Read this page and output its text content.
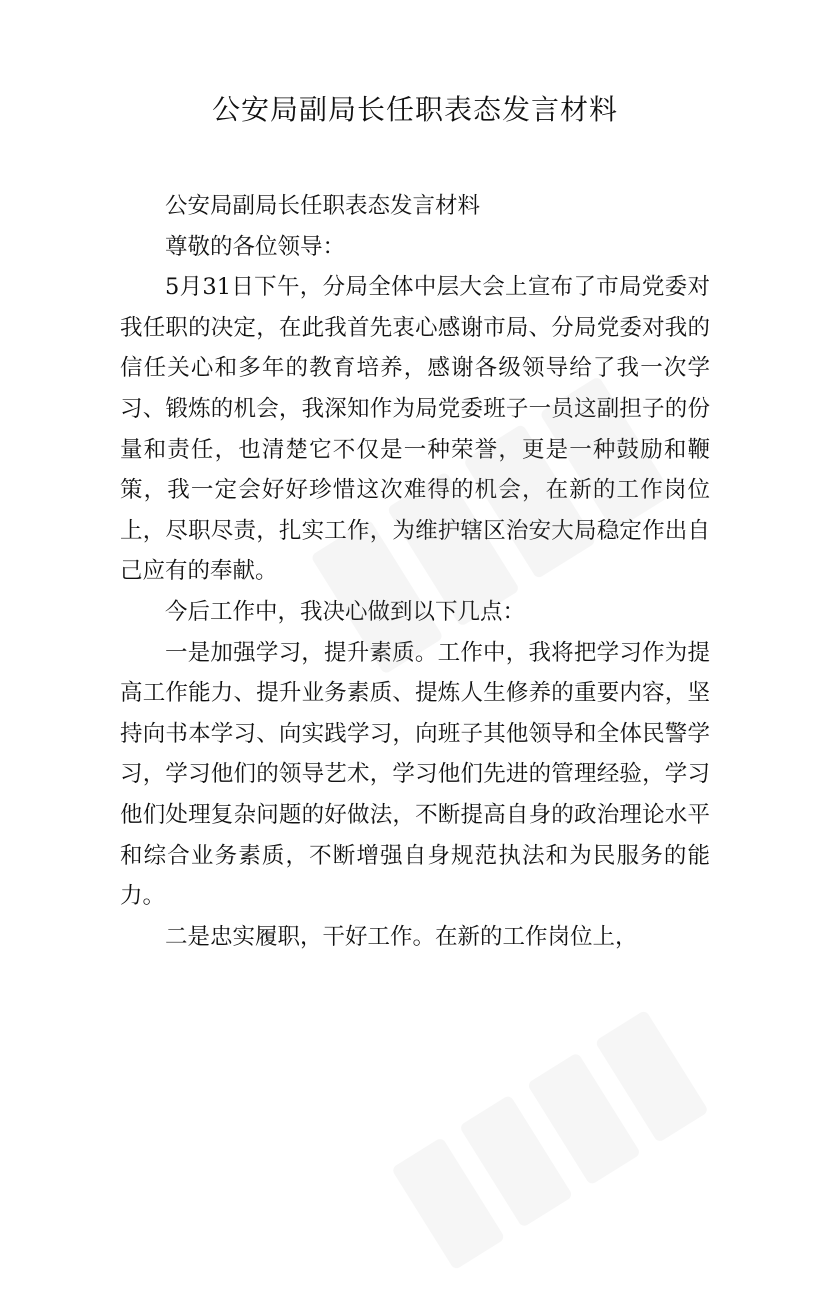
公安局副局长任职表态发言材料

公安局副局长任职表态发言材料

尊敬的各位领导：

5月31日下午，分局全体中层大会上宣布了市局党委对我任职的决定，在此我首先衷心感谢市局、分局党委对我的信任关心和多年的教育培养，感谢各级领导给了我一次学习、锻炼的机会，我深知作为局党委班子一员这副担子的份量和责任，也清楚它不仅是一种荣誉，更是一种鼓励和鞭策，我一定会好好珍惜这次难得的机会，在新的工作岗位上，尽职尽责，扎实工作，为维护辖区治安大局稳定作出自己应有的奉献。

今后工作中，我决心做到以下几点：

一是加强学习，提升素质。工作中，我将把学习作为提高工作能力、提升业务素质、提炼人生修养的重要内容，坚持向书本学习、向实践学习，向班子其他领导和全体民警学习，学习他们的领导艺术，学习他们先进的管理经验，学习他们处理复杂问题的好做法，不断提高自身的政治理论水平和综合业务素质，不断增强自身规范执法和为民服务的能力。

二是忠实履职，干好工作。在新的工作岗位上，
